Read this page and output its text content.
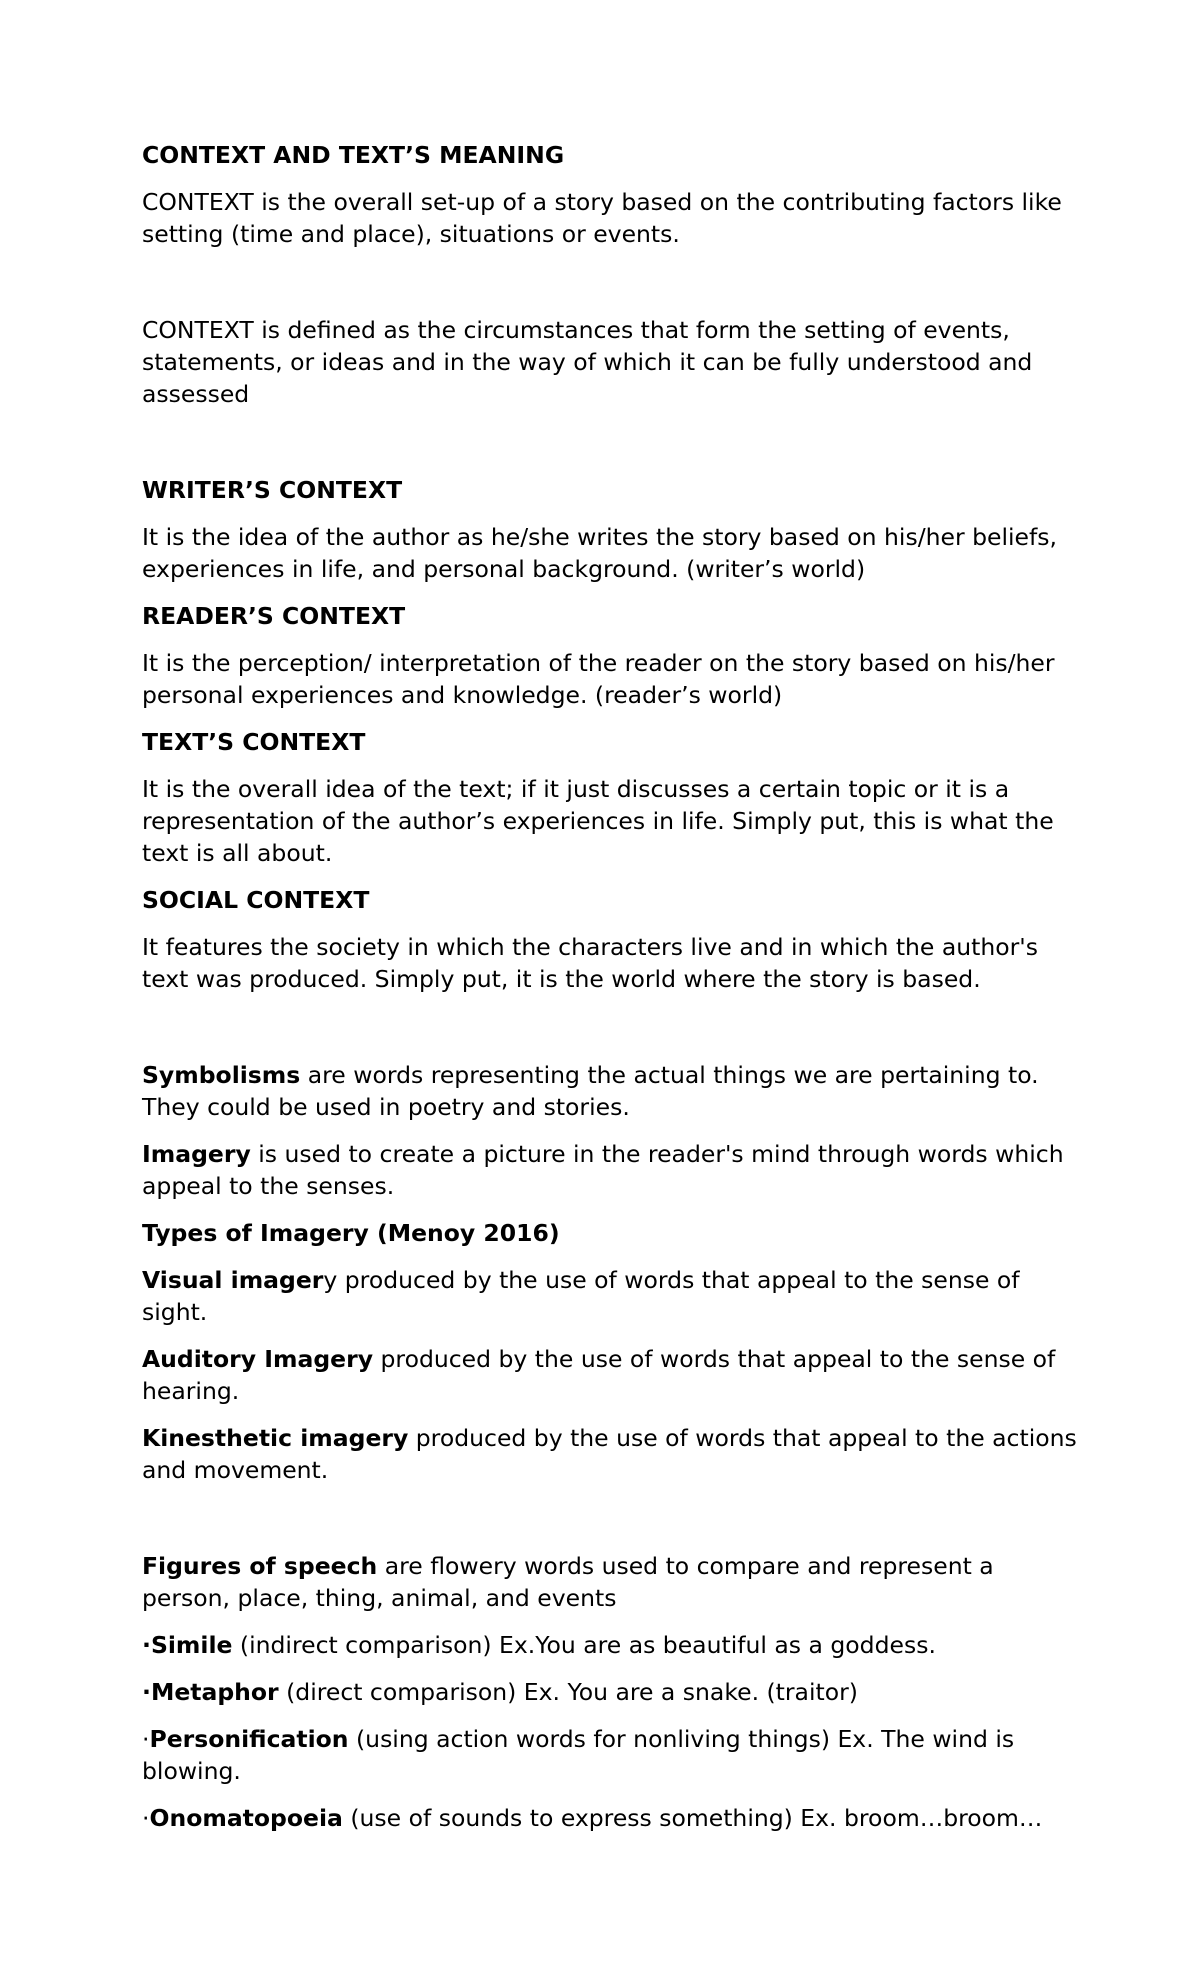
CONTEXT AND TEXT’S MEANING

CONTEXT is the overall set-up of a story based on the contributing factors like setting (time and place), situations or events.

CONTEXT is defined as the circumstances that form the setting of events, statements, or ideas and in the way of which it can be fully understood and assessed

WRITER’S CONTEXT

It is the idea of the author as he/she writes the story based on his/her beliefs, experiences in life, and personal background. (writer’s world)

READER’S CONTEXT

It is the perception/ interpretation of the reader on the story based on his/her personal experiences and knowledge. (reader’s world)

TEXT’S CONTEXT

It is the overall idea of the text; if it just discusses a certain topic or it is a representation of the author’s experiences in life. Simply put, this is what the text is all about.

SOCIAL CONTEXT

It features the society in which the characters live and in which the author's text was produced. Simply put, it is the world where the story is based.

Symbolisms are words representing the actual things we are pertaining to. They could be used in poetry and stories.

Imagery is used to create a picture in the reader's mind through words which appeal to the senses.

Types of Imagery (Menoy 2016)

Visual imagery produced by the use of words that appeal to the sense of sight.

Auditory Imagery produced by the use of words that appeal to the sense of hearing.

Kinesthetic imagery produced by the use of words that appeal to the actions and movement.

Figures of speech are flowery words used to compare and represent a person, place, thing, animal, and events

·Simile (indirect comparison) Ex.You are as beautiful as a goddess.

·Metaphor (direct comparison) Ex. You are a snake. (traitor)

·Personification (using action words for nonliving things) Ex. The wind is blowing.

·Onomatopoeia (use of sounds to express something) Ex. broom…broom…
